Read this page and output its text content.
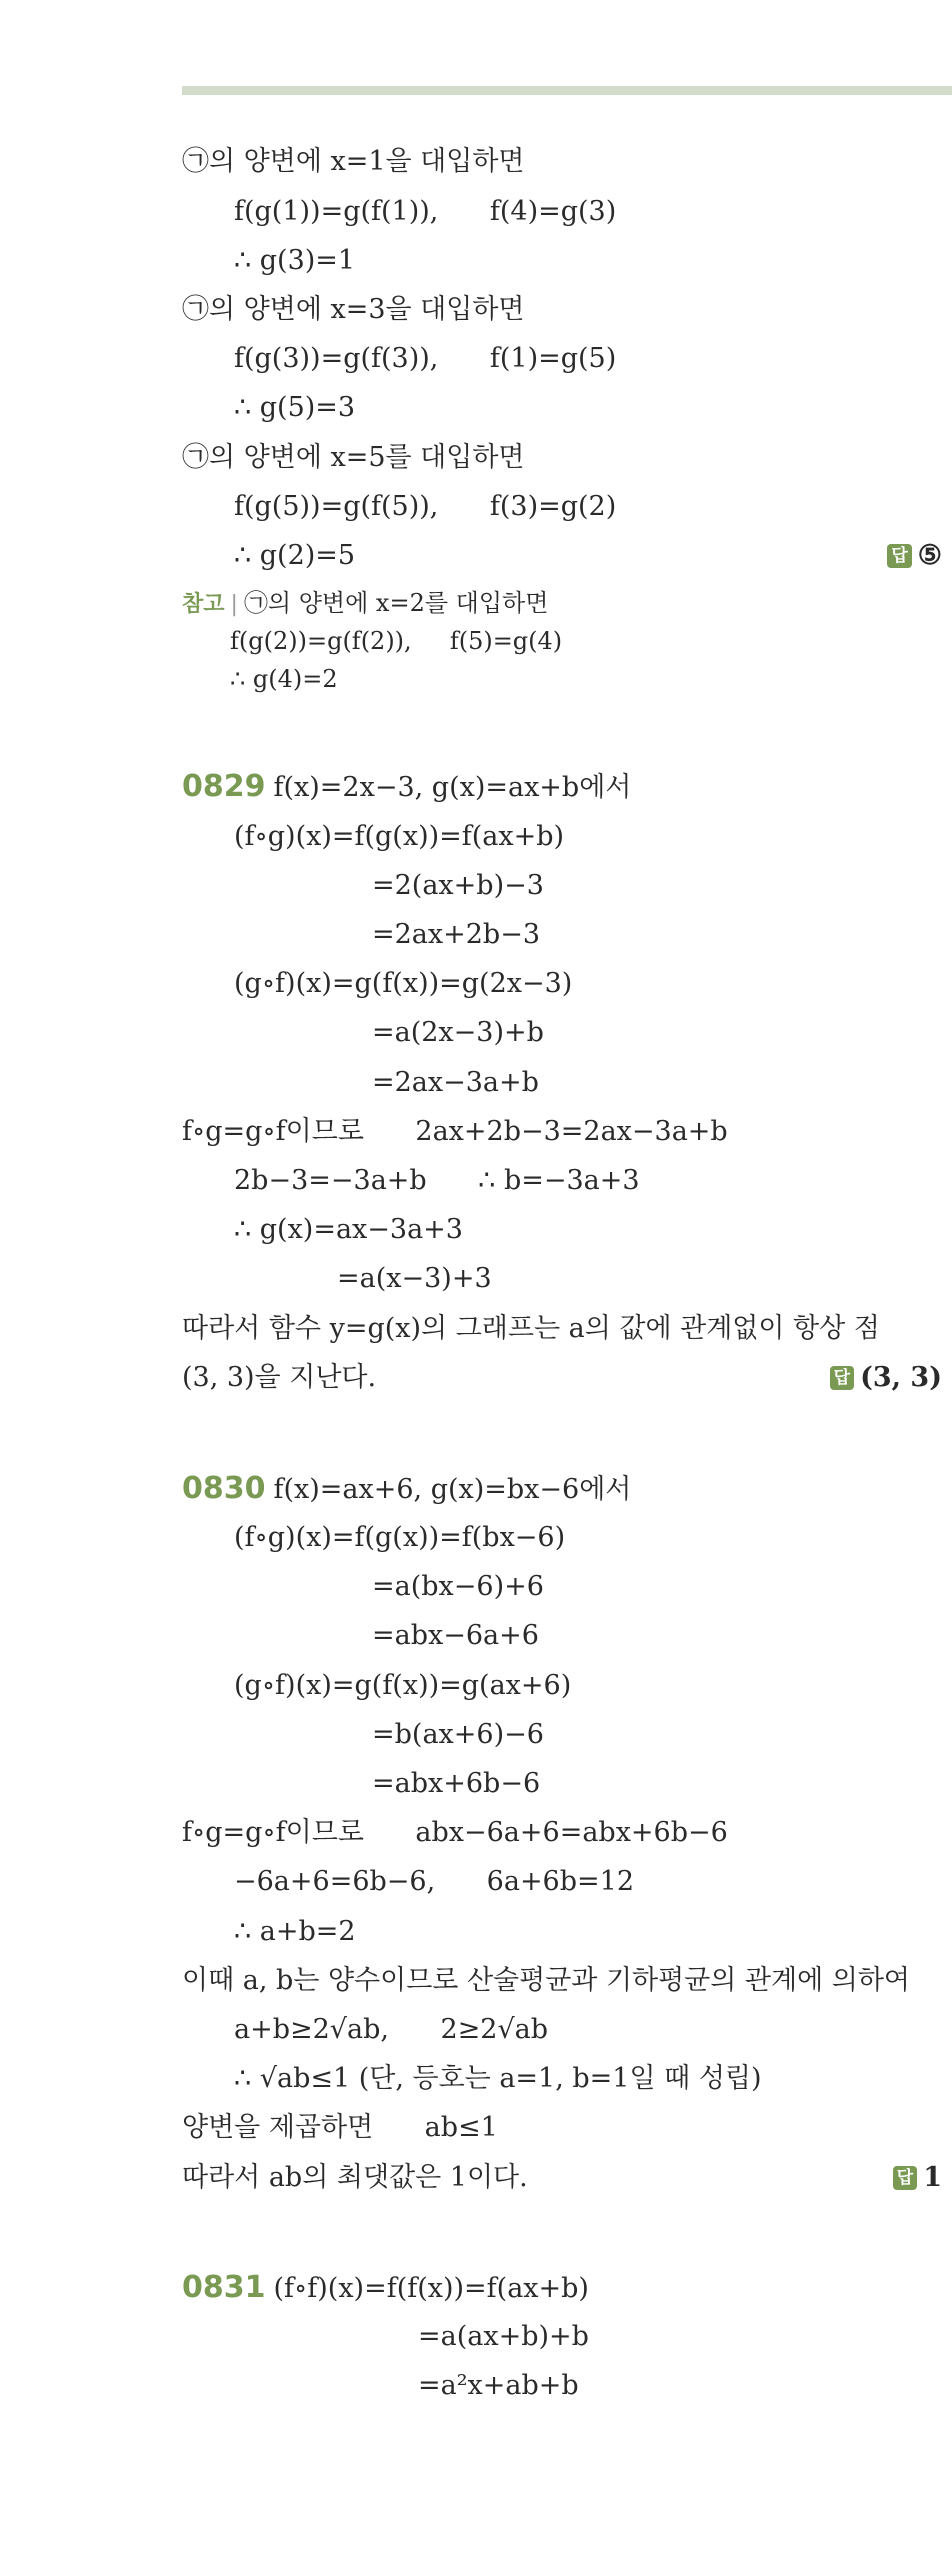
㉠의 양변에 x=1을 대입하면
f(g(1))=g(f(1)),      f(4)=g(3)
∴ g(3)=1
㉠의 양변에 x=3을 대입하면
f(g(3))=g(f(3)),      f(1)=g(5)
∴ g(5)=3
㉠의 양변에 x=5를 대입하면
f(g(5))=g(f(5)),      f(3)=g(2)
∴ g(2)=5	답 ⑤
참고 | ㉠의 양변에 x=2를 대입하면
f(g(2))=g(f(2)),     f(5)=g(4)
∴ g(4)=2
0829 f(x)=2x−3, g(x)=ax+b에서
(f∘g)(x)=f(g(x))=f(ax+b)
=2(ax+b)−3
=2ax+2b−3
(g∘f)(x)=g(f(x))=g(2x−3)
=a(2x−3)+b
=2ax−3a+b
f∘g=g∘f이므로      2ax+2b−3=2ax−3a+b
2b−3=−3a+b      ∴ b=−3a+3
∴ g(x)=ax−3a+3
=a(x−3)+3
따라서 함수 y=g(x)의 그래프는 a의 값에 관계없이 항상 점
(3, 3)을 지난다.	답 (3, 3)
0830 f(x)=ax+6, g(x)=bx−6에서
(f∘g)(x)=f(g(x))=f(bx−6)
=a(bx−6)+6
=abx−6a+6
(g∘f)(x)=g(f(x))=g(ax+6)
=b(ax+6)−6
=abx+6b−6
f∘g=g∘f이므로      abx−6a+6=abx+6b−6
−6a+6=6b−6,      6a+6b=12
∴ a+b=2
이때 a, b는 양수이므로 산술평균과 기하평균의 관계에 의하여
a+b≥2√ab,      2≥2√ab
∴ √ab≤1 (단, 등호는 a=1, b=1일 때 성립)
양변을 제곱하면      ab≤1
따라서 ab의 최댓값은 1이다.	답 1
0831 (f∘f)(x)=f(f(x))=f(ax+b)
=a(ax+b)+b
=a²x+ab+b
